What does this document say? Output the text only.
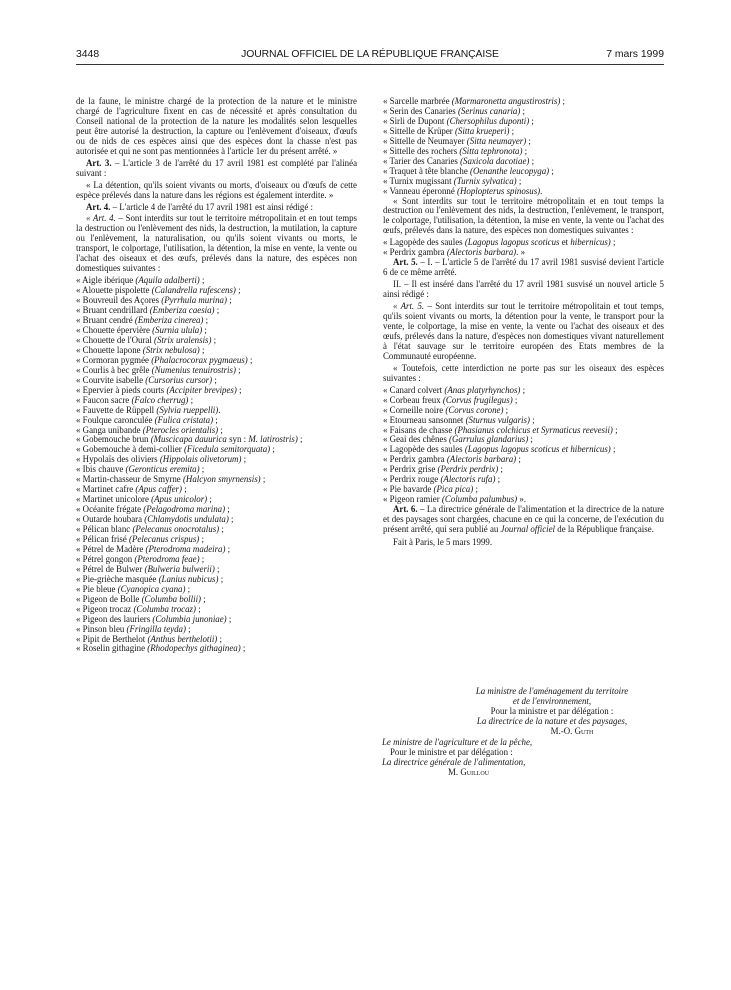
3448	JOURNAL OFFICIEL DE LA RÉPUBLIQUE FRANÇAISE	7 mars 1999

de la faune, le ministre chargé de la protection de la nature et le ministre chargé de l'agriculture fixent en cas de nécessité et après consultation du Conseil national de la protection de la nature les modalités selon lesquelles peut être autorisé la destruction, la capture ou l'enlèvement d'oiseaux, d'œufs ou de nids de ces espèces ainsi que des espèces dont la chasse n'est pas autorisée et qui ne sont pas mentionnées à l'article 1er du présent arrêté. »

Art. 3. – L'article 3 de l'arrêté du 17 avril 1981 est complété par l'alinéa suivant :

« La détention, qu'ils soient vivants ou morts, d'oiseaux ou d'œufs de cette espèce prélevés dans la nature dans les régions est également interdite. »

Art. 4. – L'article 4 de l'arrêté du 17 avril 1981 est ainsi rédigé :

« Art. 4. – Sont interdits sur tout le territoire métropolitain et en tout temps la destruction ou l'enlèvement des nids, la destruction, la mutilation, la capture ou l'enlèvement, la naturalisation, ou qu'ils soient vivants ou morts, le transport, le colportage, l'utilisation, la détention, la mise en vente, la vente ou l'achat des oiseaux et des œufs, prélevés dans la nature, des espèces non domestiques suivantes :

« Aigle ibérique (Aquila adalberti) ;
« Alouette pispolette (Calandrella rufescens) ;
« Bouvreuil des Açores (Pyrrhula murina) ;
« Bruant cendrillard (Emberiza caesia) ;
« Bruant cendré (Emberiza cinerea) ;
« Chouette épervière (Surnia ulula) ;
« Chouette de l'Oural (Strix uralensis) ;
« Chouette lapone (Strix nebulosa) ;
« Cormoran pygmée (Phalacrocorax pygmaeus) ;
« Courlis à bec grêle (Numenius tenuirostris) ;
« Courvite isabelle (Cursorius cursor) ;
« Epervier à pieds courts (Accipiter brevipes) ;
« Faucon sacre (Falco cherrug) ;
« Fauvette de Rüppell (Sylvia rueppelli).
« Foulque caronculée (Fulica cristata) ;
« Ganga unibande (Pterocles orientalis) ;
« Gobemouche brun (Muscicapa dauurica syn : M. latirostris) ;
« Gobemouche à demi-collier (Ficedula semitorquata) ;
« Hypolaïs des oliviers (Hippolais olivetorum) ;
« Ibis chauve (Geronticus eremita) ;
« Martin-chasseur de Smyrne (Halcyon smyrnensis) ;
« Martinet cafre (Apus caffer) ;
« Martinet unicolore (Apus unicolor) ;
« Océanite frégate (Pelagodroma marina) ;
« Outarde houbara (Chlamydotis undulata) ;
« Pélican blanc (Pelecanus onocrotalus) ;
« Pélican frisé (Pelecanus crispus) ;
« Pétrel de Madère (Pterodroma madeira) ;
« Pétrel gongon (Pterodroma feae) ;
« Pétrel de Bulwer (Bulweria bulwerii) ;
« Pie-grièche masquée (Lanius nubicus) ;
« Pie bleue (Cyanopica cyana) ;
« Pigeon de Bolle (Columba bollii) ;
« Pigeon trocaz (Columba trocaz) ;
« Pigeon des lauriers (Columbia junoniae) ;
« Pinson bleu (Fringilla teyda) ;
« Pipit de Berthelot (Anthus berthelotii) ;
« Roselin githagine (Rhodopechys githaginea) ;
« Sarcelle marbrée (Marmaronetta angustirostris) ;
« Serin des Canaries (Serinus canaria) ;
« Sirli de Dupont (Chersophilus duponti) ;
« Sittelle de Krüper (Sitta krueperi) ;
« Sittelle de Neumayer (Sitta neumayer) ;
« Sittelle des rochers (Sitta tephronota) ;
« Tarier des Canaries (Saxicola dacotiae) ;
« Traquet à tête blanche (Oenanthe leucopyga) ;
« Turnix mugissant (Turnix sylvatica) ;
« Vanneau éperonné (Hoplopterus spinosus).

« Sont interdits sur tout le territoire métropolitain et en tout temps la destruction ou l'enlèvement des nids, la destruction, l'enlèvement, le transport, le colportage, l'utilisation, la détention, la mise en vente, la vente ou l'achat des œufs, prélevés dans la nature, des espèces non domestiques suivantes :

« Lagopède des saules (Lagopus lagopus scoticus et hibernicus) ;
« Perdrix gambra (Alectoris barbara). »

Art. 5. – I. – L'article 5 de l'arrêté du 17 avril 1981 susvisé devient l'article 6 de ce même arrêté.

II. – Il est inséré dans l'arrêté du 17 avril 1981 susvisé un nouvel article 5 ainsi rédigé :

« Art. 5. – Sont interdits sur tout le territoire métropolitain et tout temps, qu'ils soient vivants ou morts, la détention pour la vente, le transport pour la vente, le colportage, la mise en vente, la vente ou l'achat des oiseaux et des œufs, prélevés dans la nature, d'espèces non domestiques vivant naturellement à l'état sauvage sur le territoire européen des Etats membres de la Communauté européenne.

« Toutefois, cette interdiction ne porte pas sur les oiseaux des espèces suivantes :

« Canard colvert (Anas platyrhynchos) ;
« Corbeau freux (Corvus frugilegus) ;
« Corneille noire (Corvus corone) ;
« Etourneau sansonnet (Sturnus vulgaris) ;
« Faisans de chasse (Phasianus colchicus et Syrmaticus reevesii) ;
« Geai des chênes (Garrulus glandarius) ;
« Lagopède des saules (Lagopus lagopus scoticus et hibernicus) ;
« Perdrix gambra (Alectoris barbara) ;
« Perdrix grise (Perdrix perdrix) ;
« Perdrix rouge (Alectoris rufa) ;
« Pie bavarde (Pica pica) ;
« Pigeon ramier (Columba palumbus) ».

Art. 6. – La directrice générale de l'alimentation et la directrice de la nature et des paysages sont chargées, chacune en ce qui la concerne, de l'exécution du présent arrêté, qui sera publié au Journal officiel de la République française.

Fait à Paris, le 5 mars 1999.

La ministre de l'aménagement du territoire
et de l'environnement,
Pour la ministre et par délégation :
La directrice de la nature et des paysages,
M.-O. Guth
Le ministre de l'agriculture et de la pêche,
Pour le ministre et par délégation :
La directrice générale de l'alimentation,
M. Guillou
